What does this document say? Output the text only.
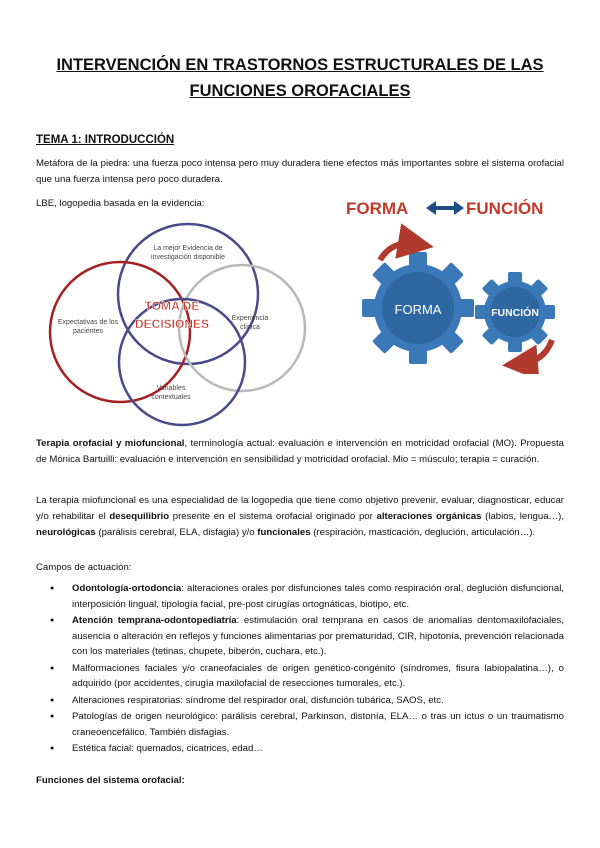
INTERVENCIÓN EN TRASTORNOS ESTRUCTURALES DE LAS
FUNCIONES OROFACIALES
TEMA 1: INTRODUCCIÓN

Metáfora de la piedra: una fuerza poco intensa pero muy duradera tiene efectos más importantes sobre el sistema orofacial que una fuerza intensa pero poco duradera.

LBE, logopedia basada en la evidencia:

La mejor Evidencia de
investigación disponible
Expectativas de los
pacientes
Experiencia
clínica
Variables
contextuales
TOMA DE
DECISIONES
FORMA	FUNCIÓN
FORMA	FUNCIÓN

Terapia orofacial y miofuncional, terminología actual: evaluación e intervención en motricidad orofacial (MO). Propuesta de Mónica Bartuilli: evaluación e intervención en sensibilidad y motricidad orofacial. Mio = músculo; terapia = curación.

La terapia miofuncional es una especialidad de la logopedia que tiene como objetivo prevenir, evaluar, diagnosticar, educar y/o rehabilitar el desequilibrio presente en el sistema orofacial originado por alteraciones orgánicas (labios, lengua…), neurológicas (parálisis cerebral, ELA, disfagia) y/o funcionales (respiración, masticación, deglución, articulación…).

Campos de actuación:

● Odontología-ortodoncia: alteraciones orales por disfunciones tales como respiración oral, deglución disfuncional, interposición lingual, tipología facial, pre-post cirugías ortognáticas, biotipo, etc.
● Atención temprana-odontopediatría: estimulación oral temprana en casos de anomalías dentomaxilofaciales, ausencia o alteración en reflejos y funciones alimentarias por prematuridad, CIR, hipotonía, prevención relacionada con los materiales (tetinas, chupete, biberón, cuchara, etc.).
● Malformaciones faciales y/o craneofaciales de origen genético-congénito (síndromes, fisura labiopalatina…), o adquirido (por accidentes, cirugía maxilofacial de resecciones tumorales, etc.).
● Alteraciones respiratorias: síndrome del respirador oral, disfunción tubárica, SAOS, etc.
● Patologías de origen neurológico: parálisis cerebral, Parkinson, distonía, ELA… o tras un ictus o un traumatismo craneoencefálico. También disfagias.
● Estética facial: quemados, cicatrices, edad…

Funciones del sistema orofacial:
